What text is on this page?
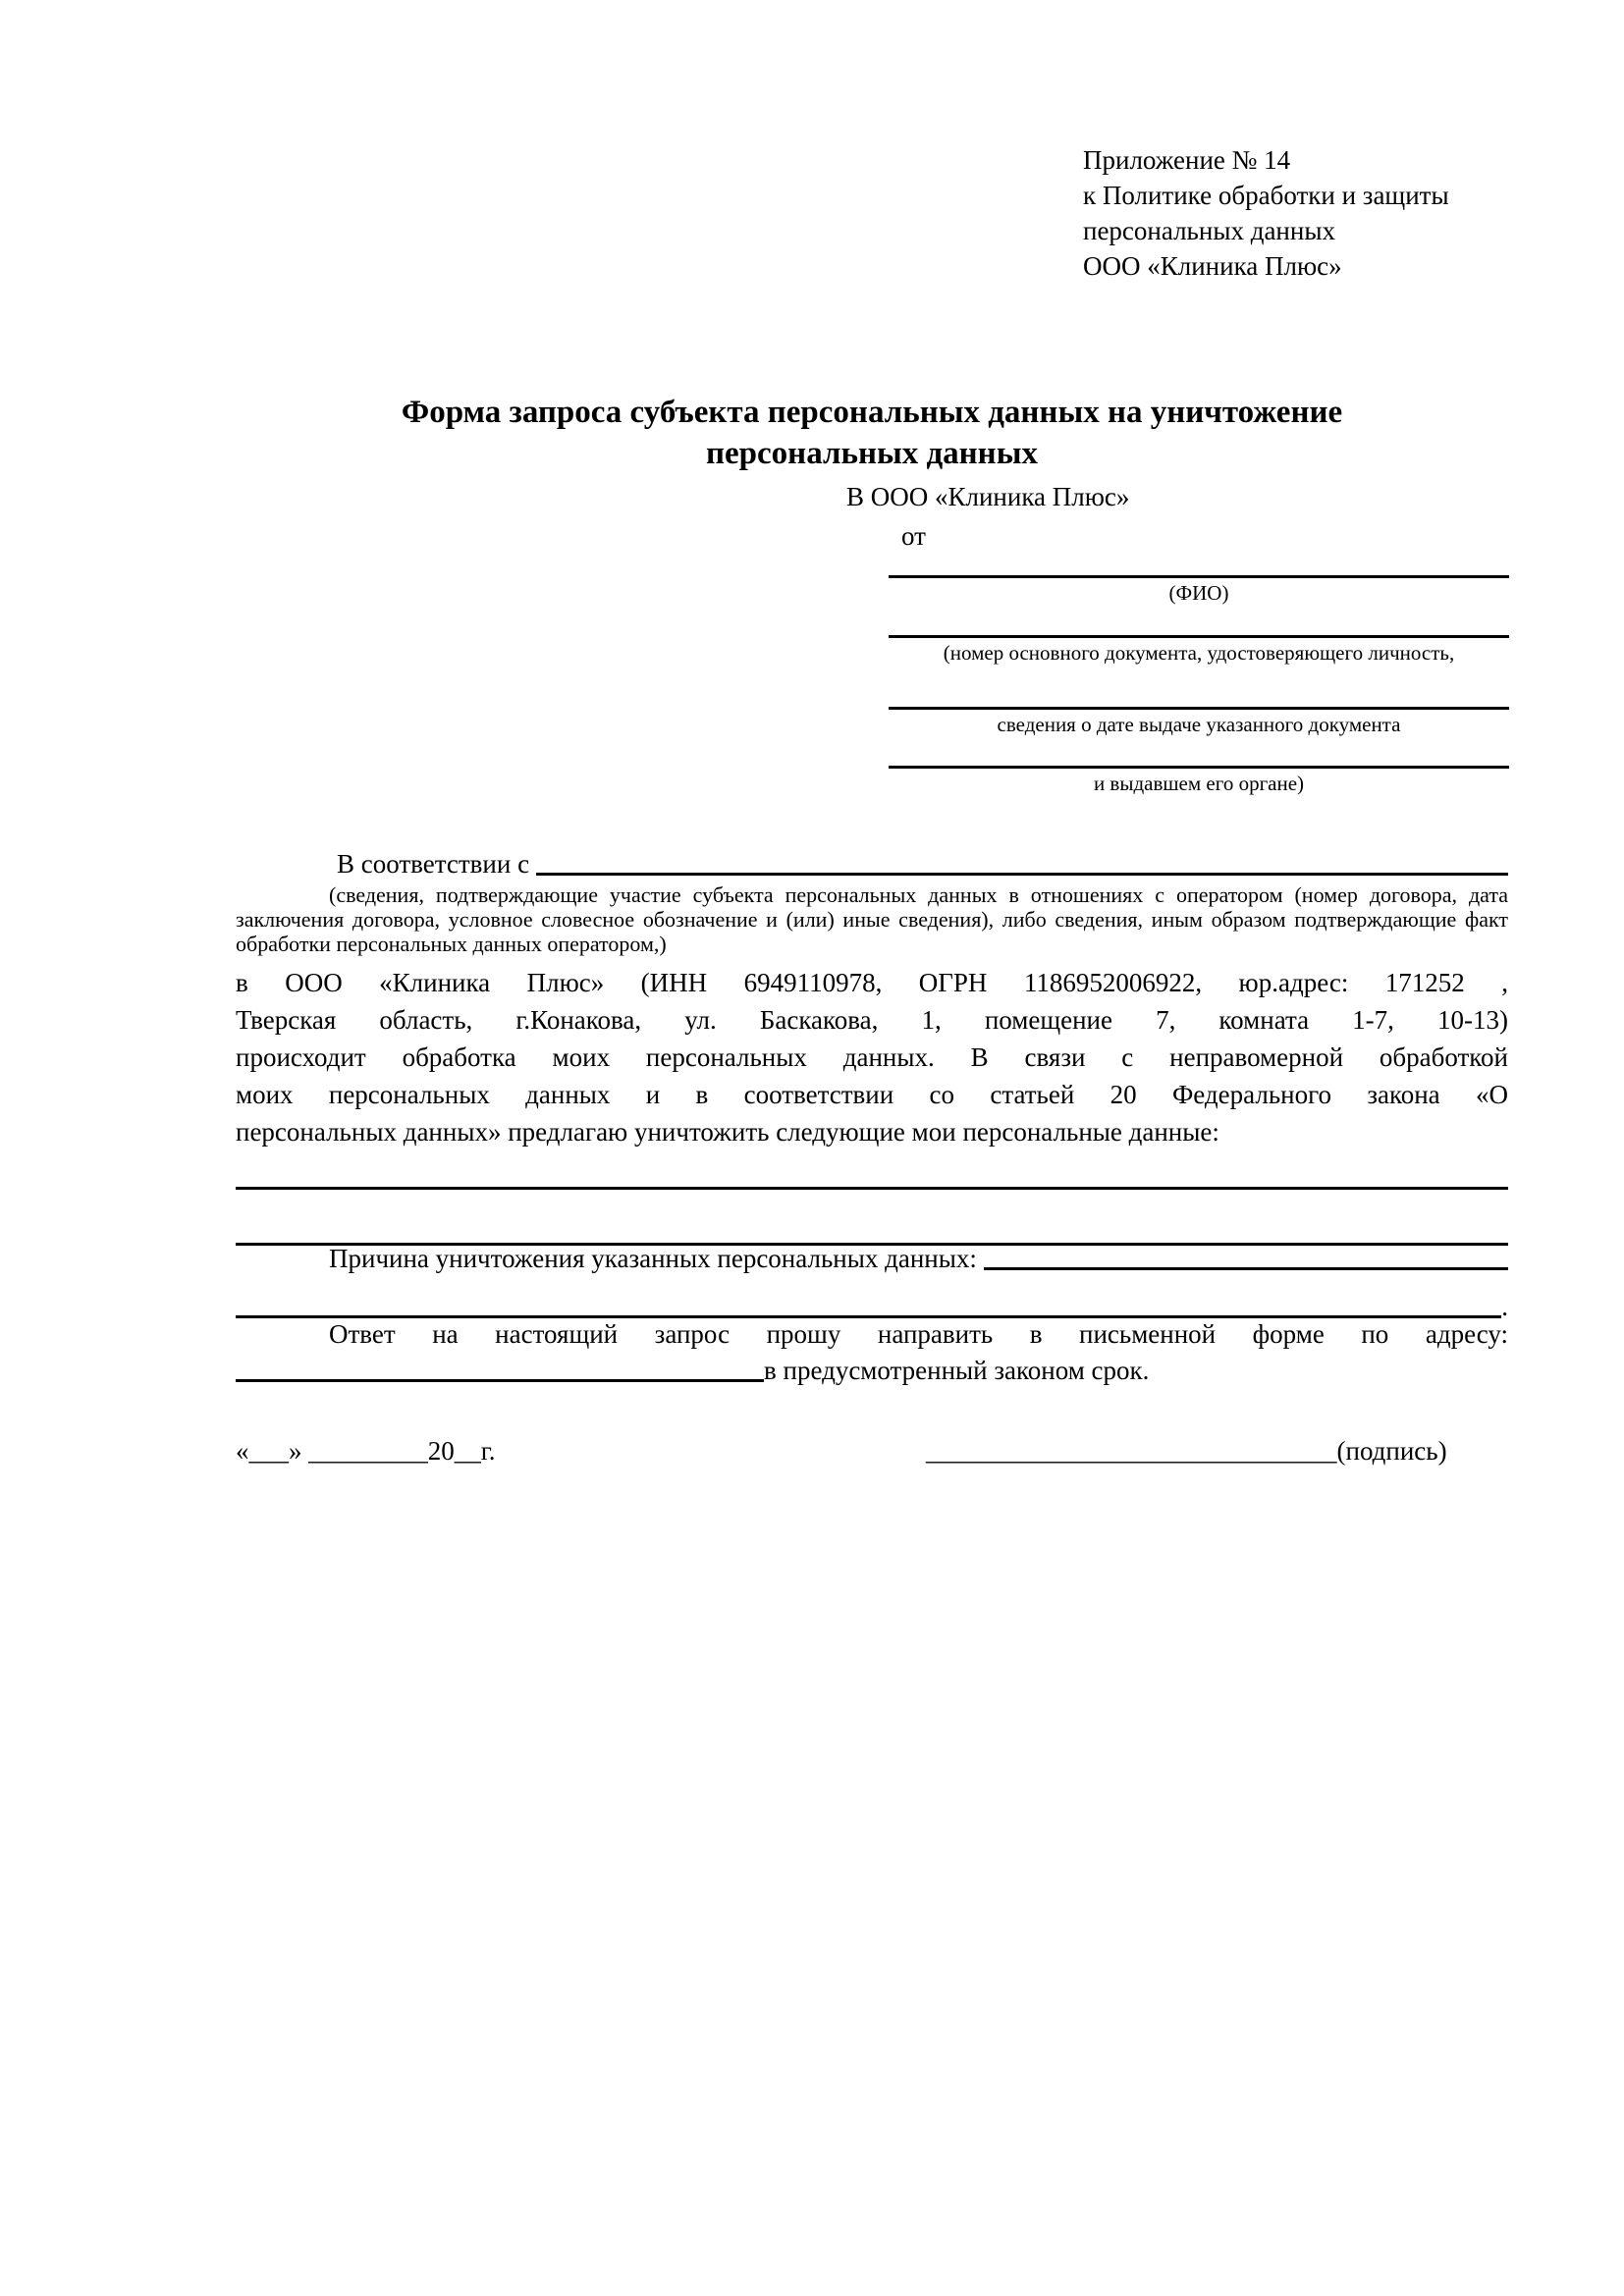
Приложение № 14
к Политике обработки и защиты
персональных данных
ООО «Клиника Плюс»
Форма запроса субъекта персональных данных на уничтожение
персональных данных
В ООО «Клиника Плюс»
от
(ФИО)
(номер основного документа, удостоверяющего личность,
сведения о дате выдаче указанного документа
и выдавшем его органе)
В соответствии с
(сведения, подтверждающие участие субъекта персональных данных в отношениях с оператором (номер договора, дата
заключения договора, условное словесное обозначение и (или) иные сведения), либо сведения, иным образом подтверждающие факт
обработки персональных данных оператором,)
в ООО «Клиника Плюс» (ИНН 6949110978, ОГРН 1186952006922, юр.адрес: 171252 ,
Тверская область, г.Конакова, ул. Баскакова, 1, помещение 7, комната 1-7, 10-13)
происходит обработка моих персональных данных. В связи с неправомерной обработкой
моих персональных данных и в соответствии со статьей 20 Федерального закона «О
персональных данных» предлагаю уничтожить следующие мои персональные данные:
Причина уничтожения указанных персональных данных:
.
Ответ на настоящий запрос прошу направить в письменной форме по адресу:
в предусмотренный законом срок.
«___» _________20__г.	_______________________________(подпись)
